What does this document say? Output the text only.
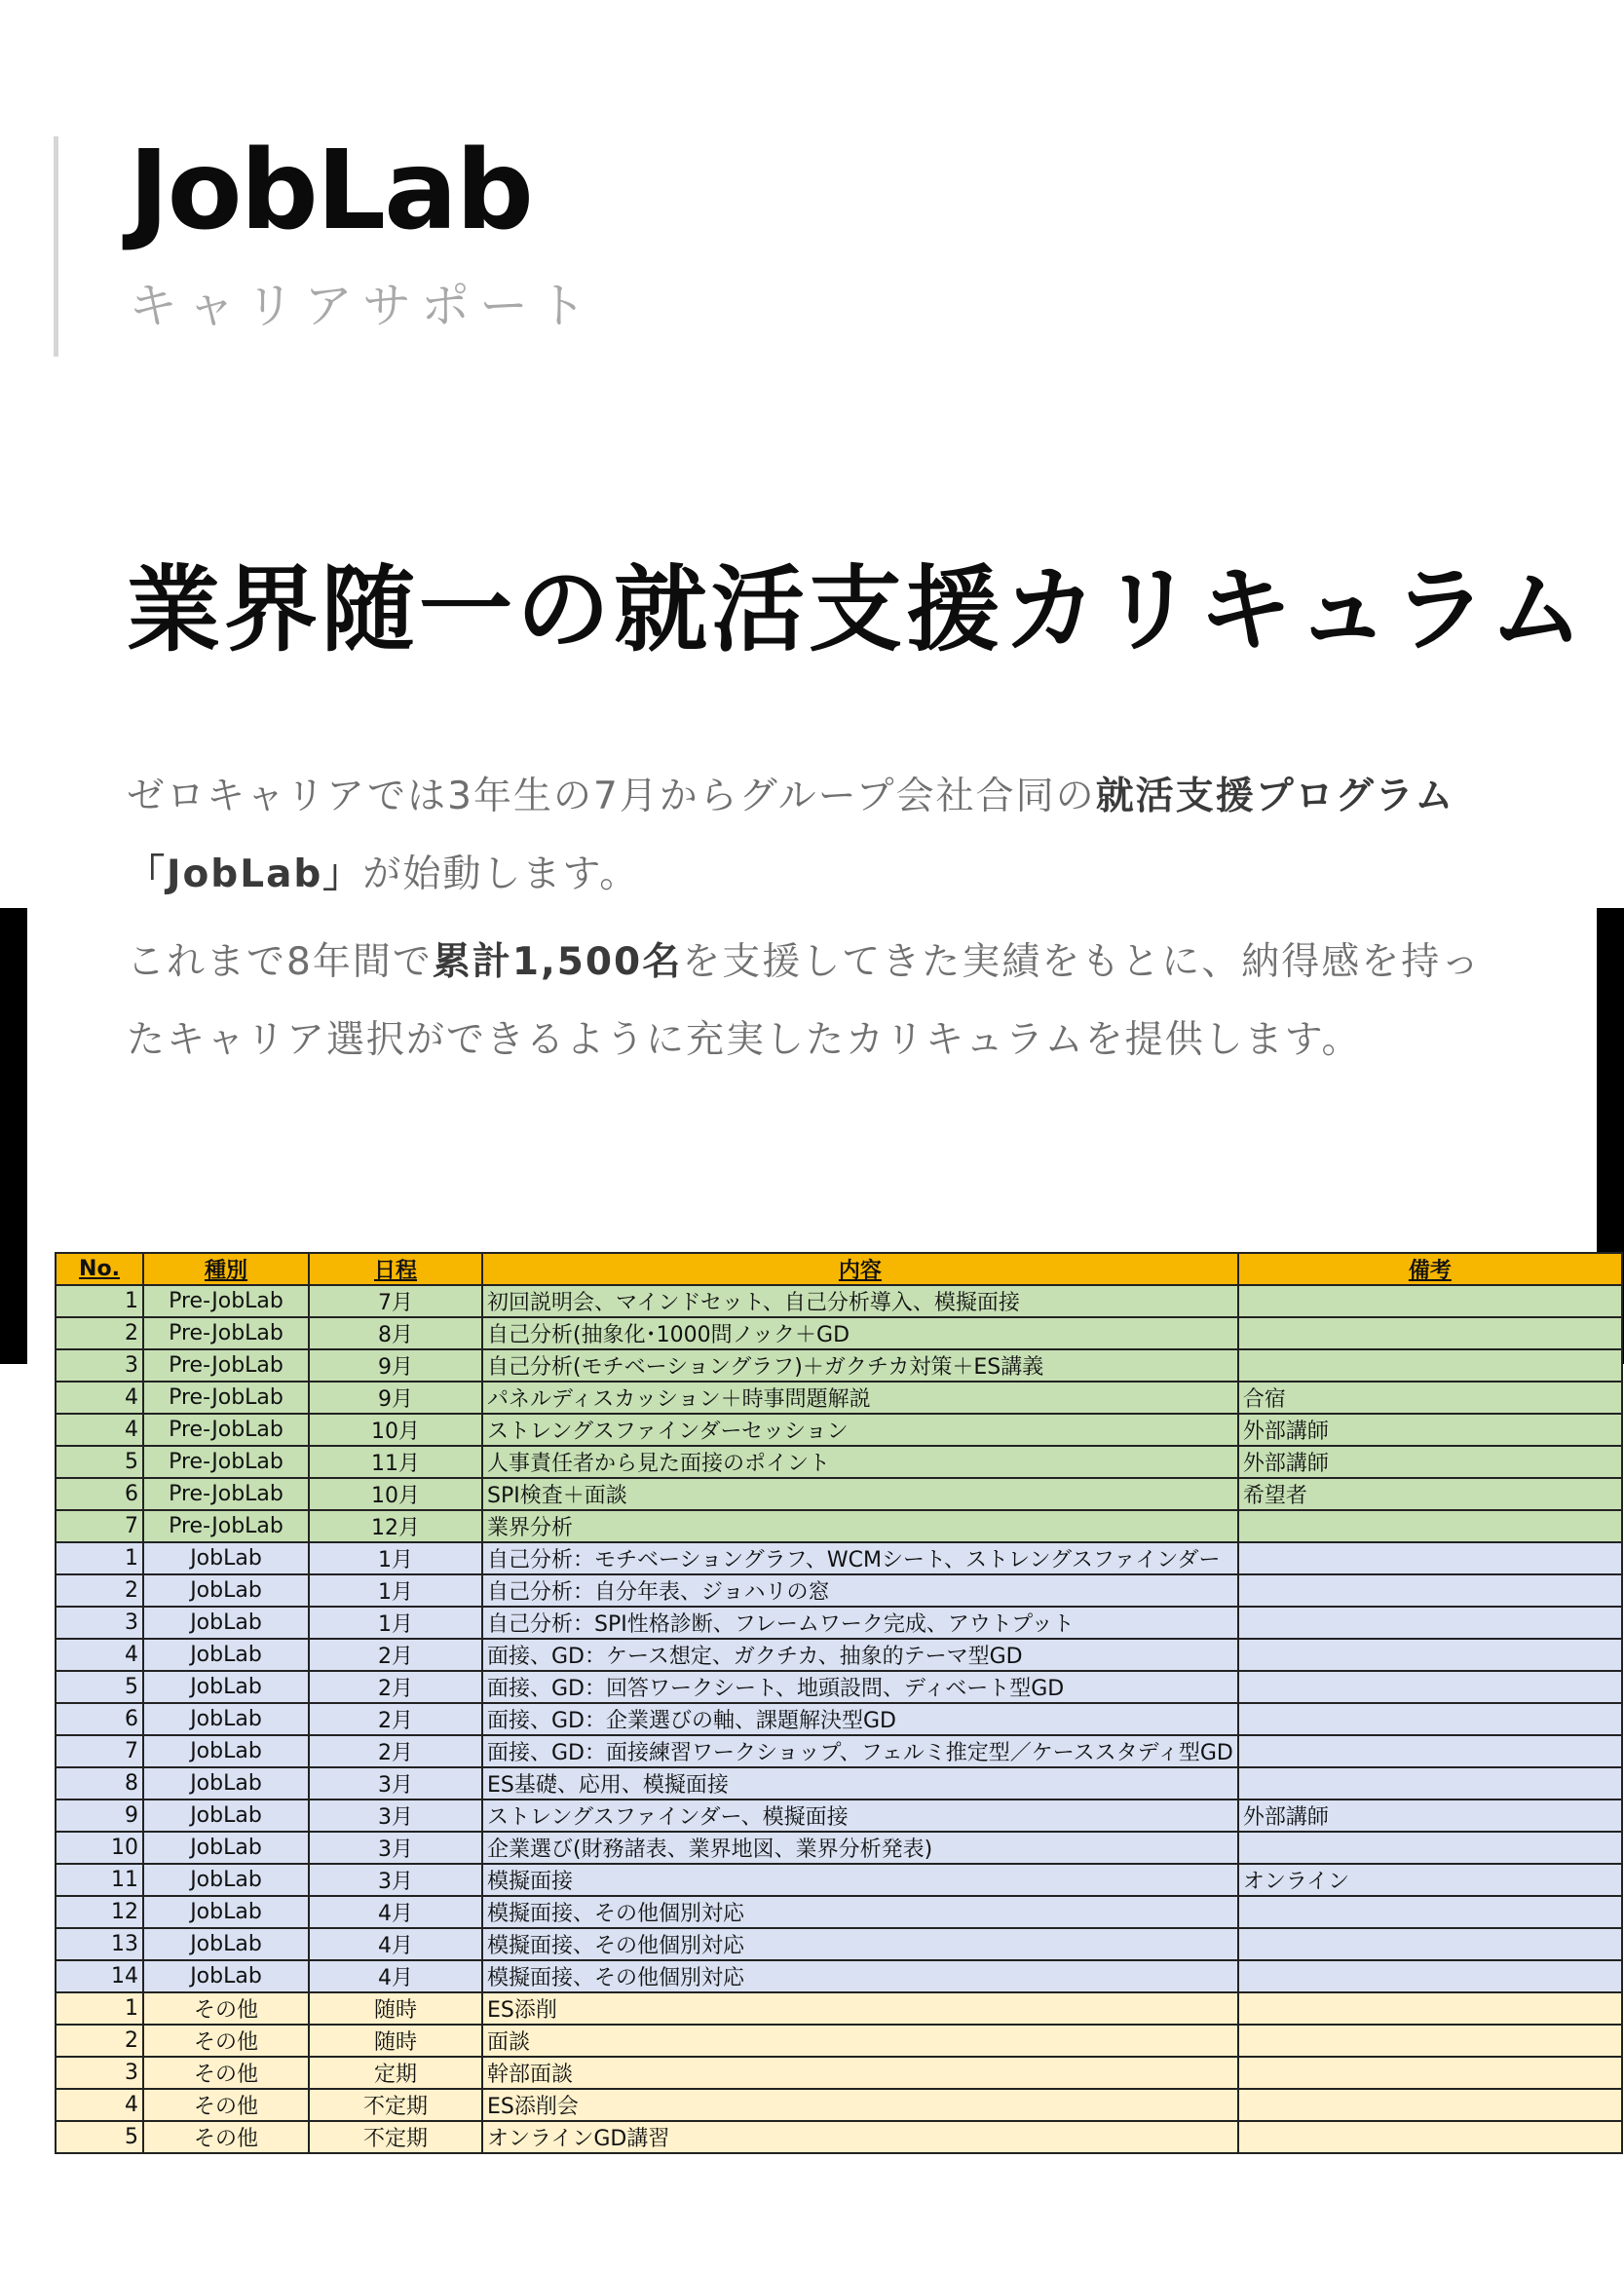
JobLab
キャリアサポート
業界随一の就活支援カリキュラム

ゼロキャリアでは3年生の7月からグループ会社合同の就活支援プログラム「JobLab」が始動します。

これまで8年間で累計1,500名を支援してきた実績をもとに、納得感を持ったキャリア選択ができるように充実したカリキュラムを提供します。

No.	種別	日程	内容	備考
1	Pre-JobLab	7月	初回説明会、マインドセット、自己分析導入、模擬面接	
2	Pre-JobLab	8月	自己分析(抽象化･1000問ノック＋GD	
3	Pre-JobLab	9月	自己分析(モチベーショングラフ)＋ガクチカ対策＋ES講義	
4	Pre-JobLab	9月	パネルディスカッション＋時事問題解説	合宿
4	Pre-JobLab	10月	ストレングスファインダーセッション	外部講師
5	Pre-JobLab	11月	人事責任者から見た面接のポイント	外部講師
6	Pre-JobLab	10月	SPI検査＋面談	希望者
7	Pre-JobLab	12月	業界分析	
1	JobLab	1月	自己分析：モチベーショングラフ、WCMシート、ストレングスファインダー	
2	JobLab	1月	自己分析：自分年表、ジョハリの窓	
3	JobLab	1月	自己分析：SPI性格診断、フレームワーク完成、アウトプット	
4	JobLab	2月	面接、GD：ケース想定、ガクチカ、抽象的テーマ型GD	
5	JobLab	2月	面接、GD：回答ワークシート、地頭設問、ディベート型GD	
6	JobLab	2月	面接、GD：企業選びの軸、課題解決型GD	
7	JobLab	2月	面接、GD：面接練習ワークショップ、フェルミ推定型／ケーススタディ型GD	
8	JobLab	3月	ES基礎、応用、模擬面接	
9	JobLab	3月	ストレングスファインダー、模擬面接	外部講師
10	JobLab	3月	企業選び(財務諸表、業界地図、業界分析発表)	
11	JobLab	3月	模擬面接	オンライン
12	JobLab	4月	模擬面接、その他個別対応	
13	JobLab	4月	模擬面接、その他個別対応	
14	JobLab	4月	模擬面接、その他個別対応	
1	その他	随時	ES添削	
2	その他	随時	面談	
3	その他	定期	幹部面談	
4	その他	不定期	ES添削会	
5	その他	不定期	オンラインGD講習	
